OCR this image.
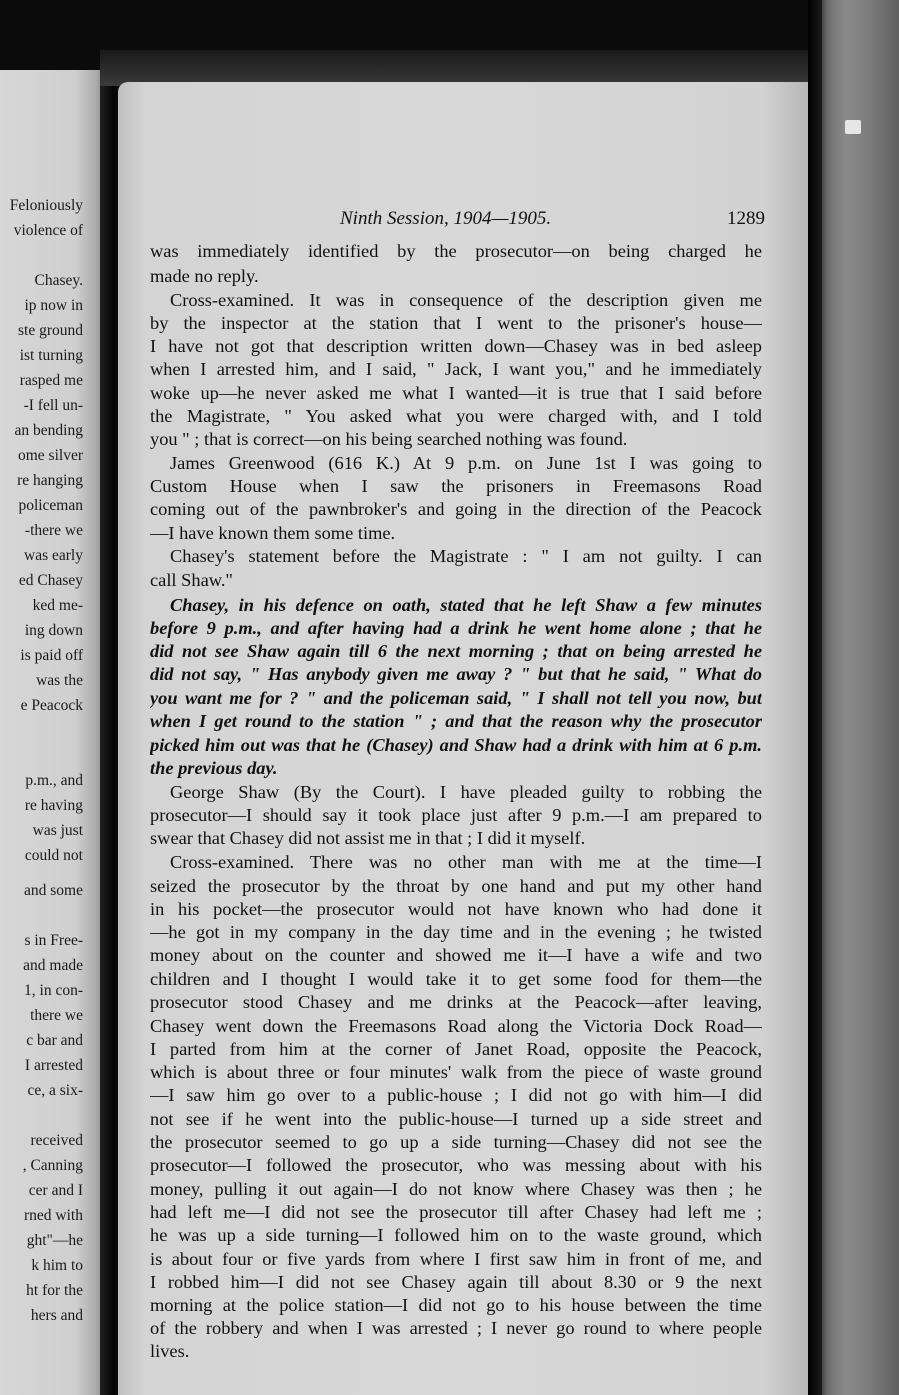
Feloniously
violence of
Chasey.
ip now in
ste ground
ist turning
rasped me
-I fell un-
an bending
ome silver
re hanging
policeman
-there we
was early
ed Chasey
ked me-
ing down
is paid off
was the
e Peacock
p.m., and
re having
was just
could not
and some
s in Free-
and made
1, in con-
there we
c bar and
I arrested
ce, a six-
received
, Canning
cer and I
rned with
ght"—he
k him to
ht for the
hers and
Ninth Session, 1904—1905.	1289
was immediately identified by the prosecutor—on being charged he
made no reply.
Cross-examined. It was in consequence of the description given me
by the inspector at the station that I went to the prisoner's house—
I have not got that description written down—Chasey was in bed asleep
when I arrested him, and I said, " Jack, I want you," and he immediately
woke up—he never asked me what I wanted—it is true that I said before
the Magistrate, " You asked what you were charged with, and I told
you " ; that is correct—on his being searched nothing was found.
James Greenwood (616 K.) At 9 p.m. on June 1st I was going to
Custom House when I saw the prisoners in Freemasons Road
coming out of the pawnbroker's and going in the direction of the Peacock
—I have known them some time.
Chasey's statement before the Magistrate : " I am not guilty. I can
call Shaw."
Chasey, in his defence on oath, stated that he left Shaw a few minutes
before 9 p.m., and after having had a drink he went home alone ; that he
did not see Shaw again till 6 the next morning ; that on being arrested he
did not say, " Has anybody given me away ? " but that he said, " What do
you want me for ? " and the policeman said, " I shall not tell you now, but
when I get round to the station " ; and that the reason why the prosecutor
picked him out was that he (Chasey) and Shaw had a drink with him at 6 p.m.
the previous day.
George Shaw (By the Court). I have pleaded guilty to robbing the
prosecutor—I should say it took place just after 9 p.m.—I am prepared to
swear that Chasey did not assist me in that ; I did it myself.
Cross-examined. There was no other man with me at the time—I
seized the prosecutor by the throat by one hand and put my other hand
in his pocket—the prosecutor would not have known who had done it
—he got in my company in the day time and in the evening ; he twisted
money about on the counter and showed me it—I have a wife and two
children and I thought I would take it to get some food for them—the
prosecutor stood Chasey and me drinks at the Peacock—after leaving,
Chasey went down the Freemasons Road along the Victoria Dock Road—
I parted from him at the corner of Janet Road, opposite the Peacock,
which is about three or four minutes' walk from the piece of waste ground
—I saw him go over to a public-house ; I did not go with him—I did
not see if he went into the public-house—I turned up a side street and
the prosecutor seemed to go up a side turning—Chasey did not see the
prosecutor—I followed the prosecutor, who was messing about with his
money, pulling it out again—I do not know where Chasey was then ; he
had left me—I did not see the prosecutor till after Chasey had left me ;
he was up a side turning—I followed him on to the waste ground, which
is about four or five yards from where I first saw him in front of me, and
I robbed him—I did not see Chasey again till about 8.30 or 9 the next
morning at the police station—I did not go to his house between the time
of the robbery and when I was arrested ; I never go round to where people
lives.
